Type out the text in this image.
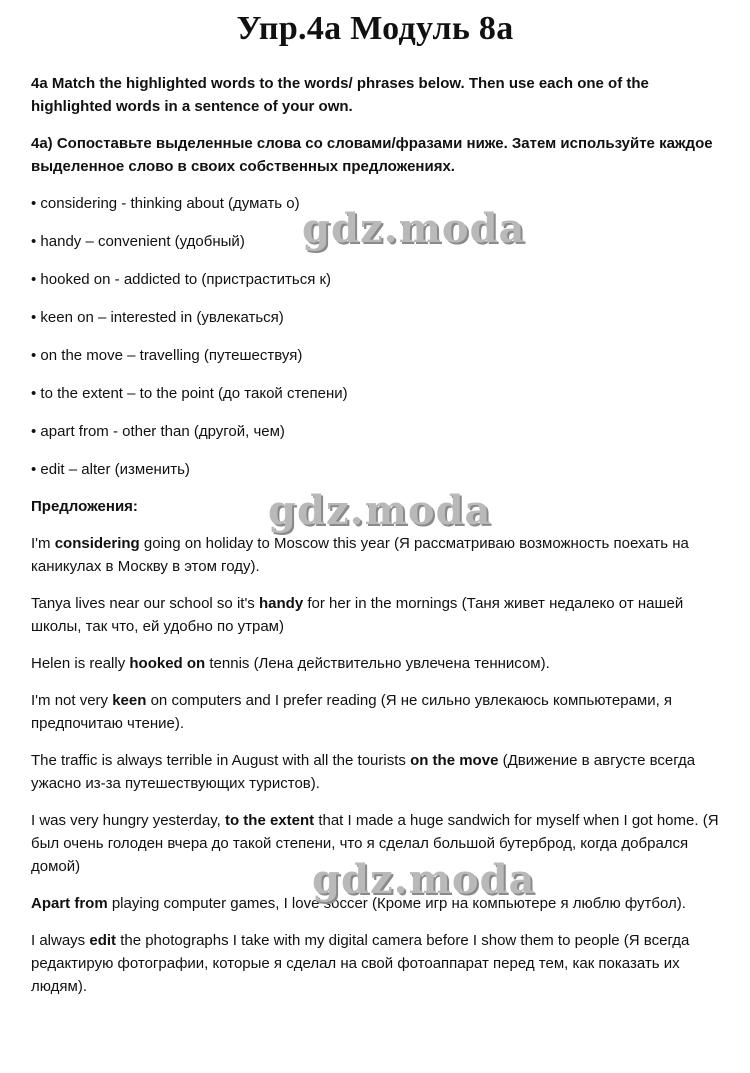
Упр.4а Модуль 8а

4a Match the highlighted words to the words/ phrases below. Then use each one of the highlighted words in a sentence of your own.

4а) Сопоставьте выделенные слова со словами/фразами ниже. Затем используйте каждое выделенное слово в своих собственных предложениях.

• considering - thinking about (думать о)

• handy – convenient (удобный)

• hooked on - addicted to (пристраститься к)

• keen on – interested in (увлекаться)

• on the move – travelling (путешествуя)

• to the extent – to the point (до такой степени)

• apart from - other than (другой, чем)

• edit – alter (изменить)

Предложения:

I'm considering going on holiday to Moscow this year (Я рассматриваю возможность поехать на каникулах в Москву в этом году).

Tanya lives near our school so it's handy for her in the mornings (Таня живет недалеко от нашей школы, так что, ей удобно по утрам)

Helen is really hooked on tennis (Лена действительно увлечена теннисом).

I'm not very keen on computers and I prefer reading (Я не сильно увлекаюсь компьютерами, я предпочитаю чтение).

The traffic is always terrible in August with all the tourists on the move (Движение в августе всегда ужасно из-за путешествующих туристов).

I was very hungry yesterday, to the extent that I made a huge sandwich for myself when I got home. (Я был очень голоден вчера до такой степени, что я сделал большой бутерброд, когда добрался домой)

Apart from playing computer games, I love soccer (Кроме игр на компьютере я люблю футбол).

I always edit the photographs I take with my digital camera before I show them to people (Я всегда редактирую фотографии, которые я сделал на свой фотоаппарат перед тем, как показать их людям).

gdz.moda
gdz.moda
gdz.moda
